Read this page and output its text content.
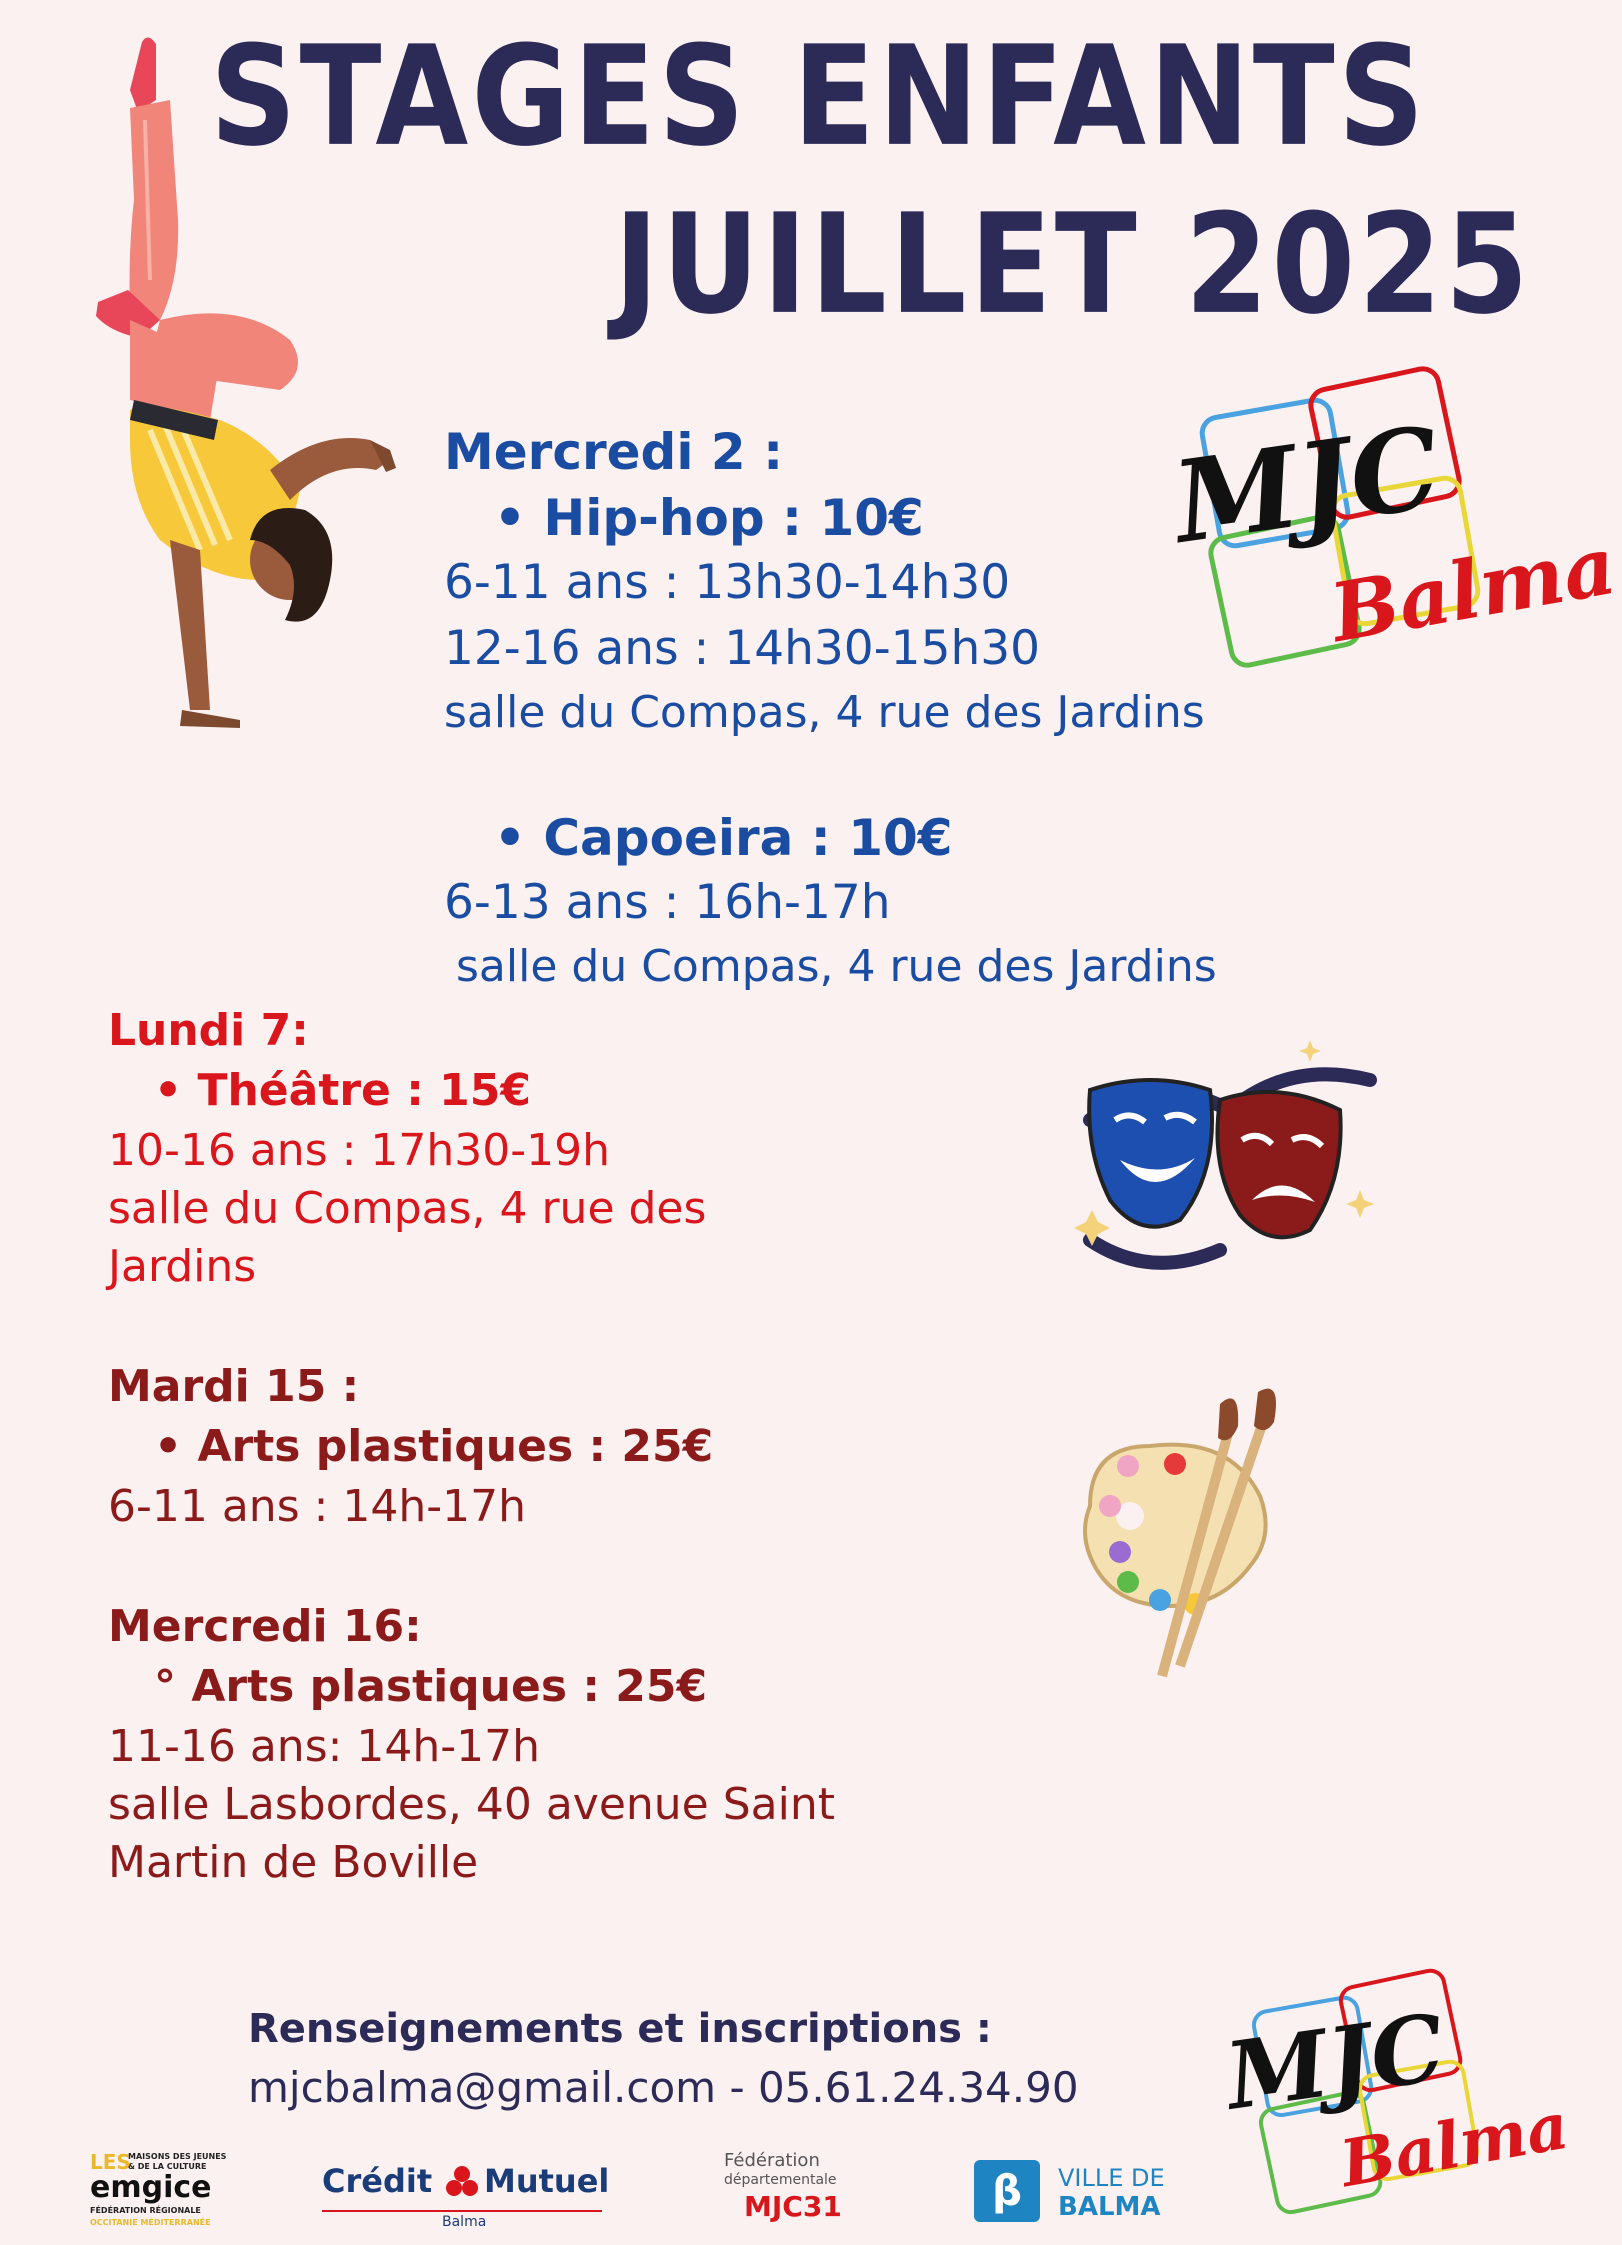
STAGES ENFANTS
JUILLET 2025
MJC
Balma
Mercredi 2 :
• Hip-hop : 10€
6-11 ans : 13h30-14h30
12-16 ans : 14h30-15h30
salle du Compas, 4 rue des Jardins
• Capoeira : 10€
6-13 ans : 16h-17h
salle du Compas, 4 rue des Jardins
Lundi 7:
• Théâtre : 15€
10-16 ans : 17h30-19h
salle du Compas, 4 rue des
Jardins
Mardi 15 :
• Arts plastiques : 25€
6-11 ans : 14h-17h
Mercredi 16:
° Arts plastiques : 25€
11-16 ans: 14h-17h
salle Lasbordes, 40 avenue Saint
Martin de Boville
Renseignements et inscriptions :
mjcbalma@gmail.com - 05.61.24.34.90 MJC
Balma
LES
MAISONS DES JEUNES
& DE LA CULTURE
emgice
FÉDÉRATION RÉGIONALE
OCCITANIE MÉDITERRANÉE
Crédit Mutuel
Balma
Fédération
départementale
MJC31	β	VILLE DE
BALMA
